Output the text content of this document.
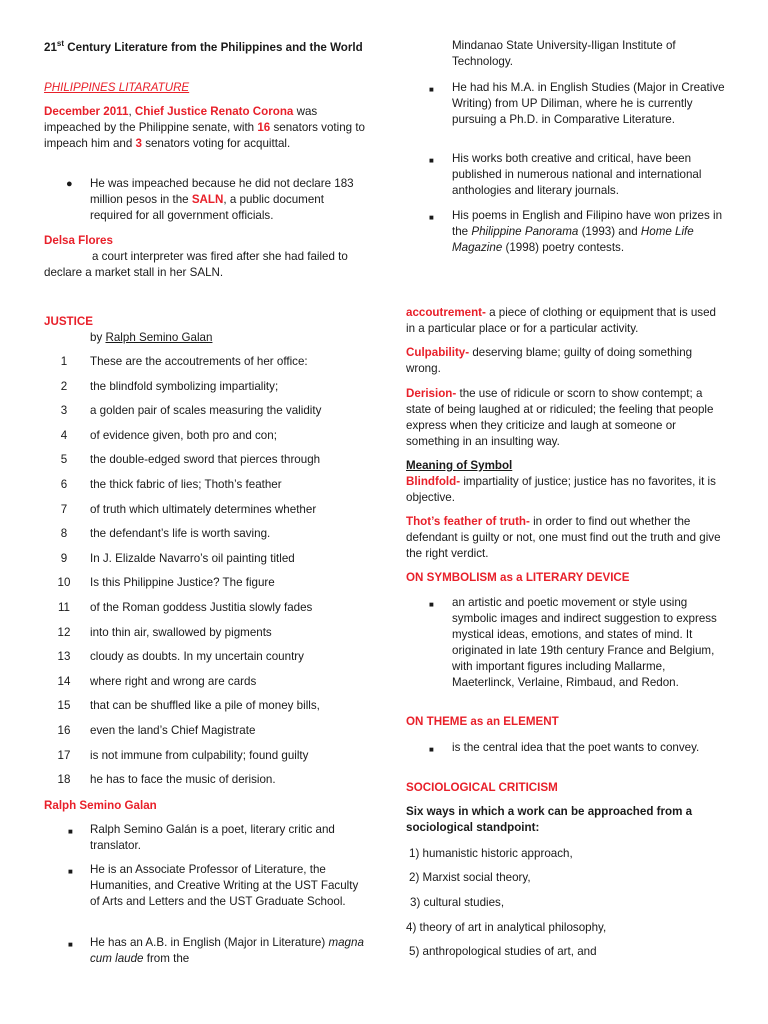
21st Century Literature from the Philippines and the World
PHILIPPINES LITARATURE
December 2011, Chief Justice Renato Corona was impeached by the Philippine senate, with 16 senators voting to impeach him and 3 senators voting for acquittal.
● He was impeached because he did not declare 183 million pesos in the SALN, a public document required for all government officials.
Delsa Flores
a court interpreter was fired after she had failed to declare a market stall in her SALN.
JUSTICE
by Ralph Semino Galan
1	These are the accoutrements of her office:
2	the blindfold symbolizing impartiality;
3	a golden pair of scales measuring the validity
4	of evidence given, both pro and con;
5	the double-edged sword that pierces through
6	the thick fabric of lies; Thoth’s feather
7	of truth which ultimately determines whether
8	the defendant’s life is worth saving.
9	In J. Elizalde Navarro’s oil painting titled
10	Is this Philippine Justice? The figure
11	of the Roman goddess Justitia slowly fades
12	into thin air, swallowed by pigments
13	cloudy as doubts. In my uncertain country
14	where right and wrong are cards
15	that can be shuffled like a pile of money bills,
16	even the land’s Chief Magistrate
17	is not immune from culpability; found guilty
18	he has to face the music of derision.
Ralph Semino Galan
■ Ralph Semino Galán is a poet, literary critic and translator.
■ He is an Associate Professor of Literature, the Humanities, and Creative Writing at the UST Faculty of Arts and Letters and the UST Graduate School.
■ He has an A.B. in English (Major in Literature) magna cum laude from the
Mindanao State University-Iligan Institute of Technology.
■ He had his M.A. in English Studies (Major in Creative Writing) from UP Diliman, where he is currently pursuing a Ph.D. in Comparative Literature.
■ His works both creative and critical, have been published in numerous national and international anthologies and literary journals.
■ His poems in English and Filipino have won prizes in the Philippine Panorama (1993) and Home Life Magazine (1998) poetry contests.
accoutrement- a piece of clothing or equipment that is used in a particular place or for a particular activity.
Culpability- deserving blame; guilty of doing something wrong.
Derision- the use of ridicule or scorn to show contempt; a state of being laughed at or ridiculed; the feeling that people express when they criticize and laugh at someone or something in an insulting way.
Meaning of Symbol
Blindfold- impartiality of justice; justice has no favorites, it is objective.
Thot’s feather of truth- in order to find out whether the defendant is guilty or not, one must find out the truth and give the right verdict.
ON SYMBOLISM as a LITERARY DEVICE
■ an artistic and poetic movement or style using symbolic images and indirect suggestion to express mystical ideas, emotions, and states of mind. It originated in late 19th century France and Belgium, with important figures including Mallarme, Maeterlinck, Verlaine, Rimbaud, and Redon.
ON THEME as an ELEMENT
■ is the central idea that the poet wants to convey.
SOCIOLOGICAL CRITICISM
Six ways in which a work can be approached from a sociological standpoint:
1) humanistic historic approach,
2) Marxist social theory,
3) cultural studies,
4) theory of art in analytical philosophy,
5) anthropological studies of art, and
